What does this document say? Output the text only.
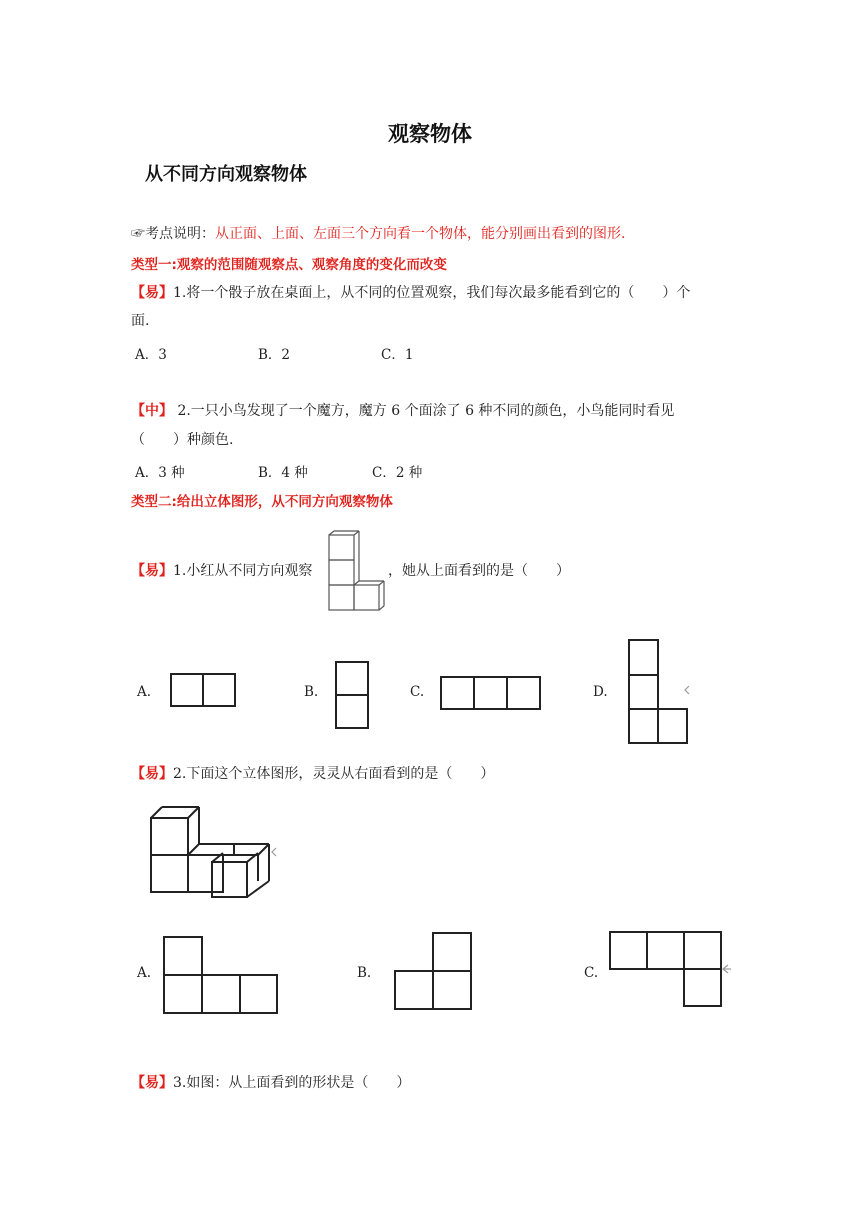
观察物体
从不同方向观察物体
☞考点说明：从正面、上面、左面三个方向看一个物体，能分别画出看到的图形.
类型一:观察的范围随观察点、观察角度的变化而改变
【易】1.将一个骰子放在桌面上，从不同的位置观察，我们每次最多能看到它的（　　）个
面.
A．3	B．2	C．1
【中】 2.一只小鸟发现了一个魔方，魔方 6 个面涂了 6 种不同的颜色，小鸟能同时看见
（　　）种颜色.
A．3 种	B．4 种	C．2 种
类型二:给出立体图形，从不同方向观察物体
【易】1.小红从不同方向观察	，她从上面看到的是（　　）
A.	B.	C.	D.
【易】2.下面这个立体图形，灵灵从右面看到的是（　　）
A.	B.	C.
【易】3.如图：从上面看到的形状是（　　）
